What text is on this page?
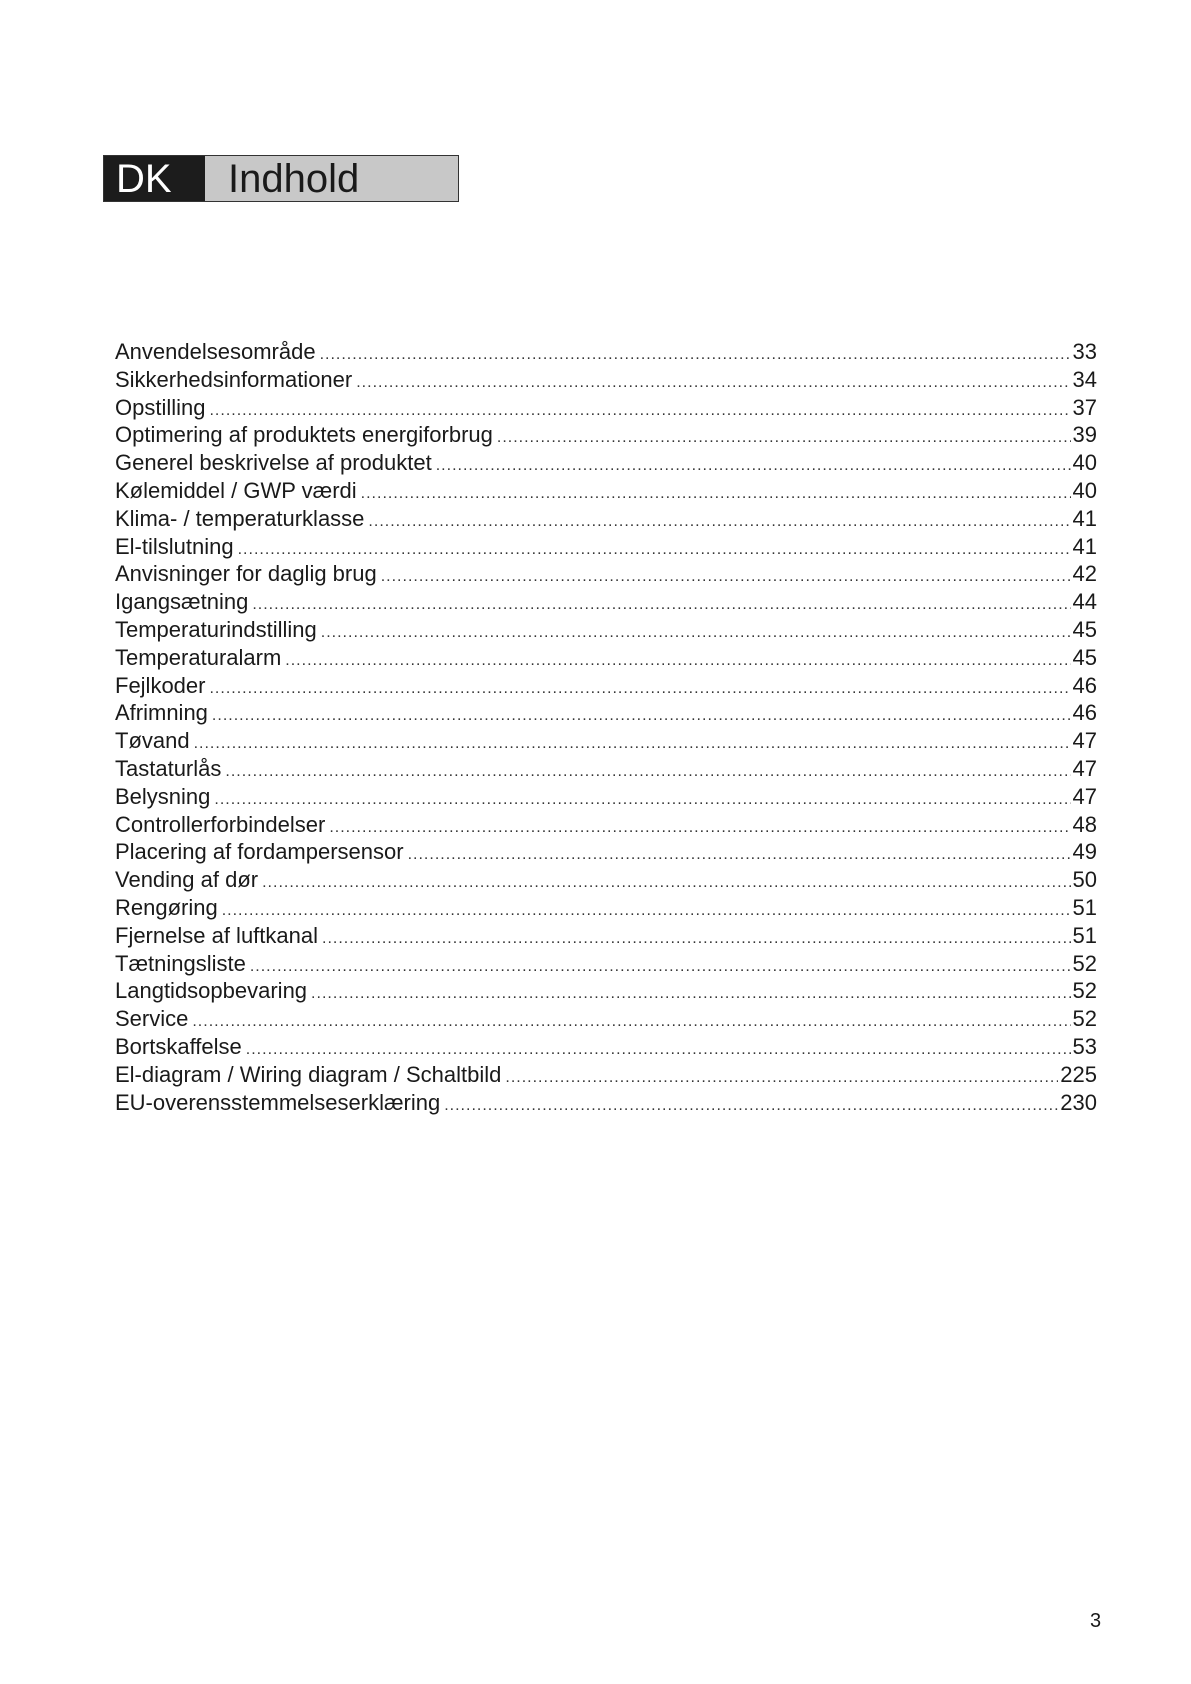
DK	Indhold
Anvendelsesområde .....	33
Sikkerhedsinformationer .....	34
Opstilling .....	37
Optimering af produktets energiforbrug .....	39
Generel beskrivelse af produktet .....	40
Kølemiddel / GWP værdi .....	40
Klima- / temperaturklasse .....	41
El-tilslutning .....	41
Anvisninger for daglig brug .....	42
Igangsætning .....	44
Temperaturindstilling .....	45
Temperaturalarm .....	45
Fejlkoder .....	46
Afrimning .....	46
Tøvand .....	47
Tastaturlås .....	47
Belysning .....	47
Controllerforbindelser .....	48
Placering af fordampersensor .....	49
Vending af dør .....	50
Rengøring .....	51
Fjernelse af luftkanal .....	51
Tætningsliste .....	52
Langtidsopbevaring .....	52
Service .....	52
Bortskaffelse .....	53
El-diagram / Wiring diagram / Schaltbild .....	225
EU-overensstemmelseserklæring .....	230
3
